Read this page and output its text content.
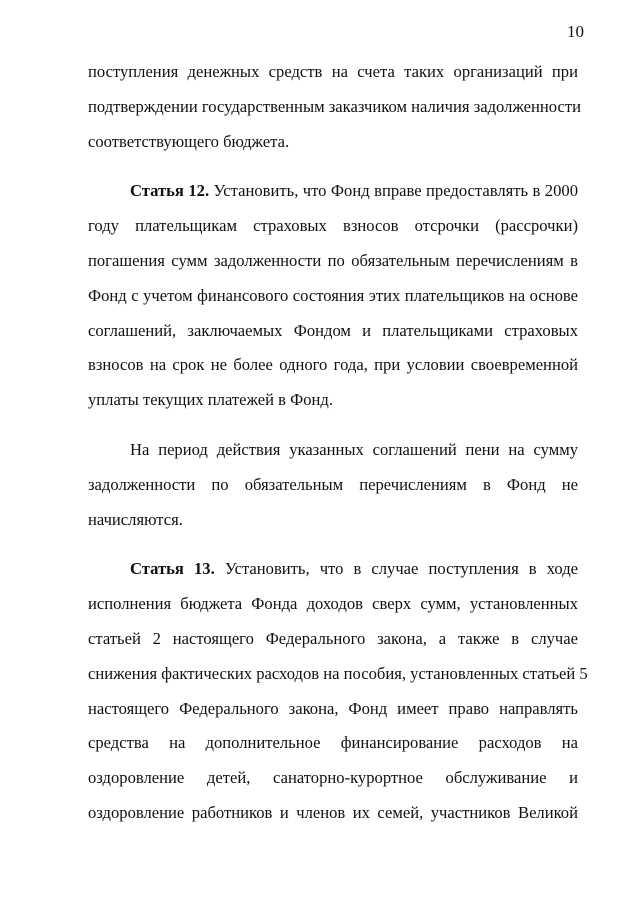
10
поступления денежных средств на счета таких организаций при
подтверждении государственным заказчиком наличия задолженности
соответствующего бюджета.
Статья 12. Установить, что Фонд вправе предоставлять в 2000
году плательщикам страховых взносов отсрочки (рассрочки)
погашения сумм задолженности по обязательным перечислениям в
Фонд с учетом финансового состояния этих плательщиков на основе
соглашений, заключаемых Фондом и плательщиками страховых
взносов на срок не более одного года, при условии своевременной
уплаты текущих платежей в Фонд.
На период действия указанных соглашений пени на сумму
задолженности по обязательным перечислениям в Фонд не
начисляются.
Статья 13. Установить, что в случае поступления в ходе
исполнения бюджета Фонда доходов сверх сумм, установленных
статьей 2 настоящего Федерального закона, а также в случае
снижения фактических расходов на пособия, установленных статьей 5
настоящего Федерального закона, Фонд имеет право направлять
средства на дополнительное финансирование расходов на
оздоровление детей, санаторно-курортное обслуживание и
оздоровление работников и членов их семей, участников Великой
